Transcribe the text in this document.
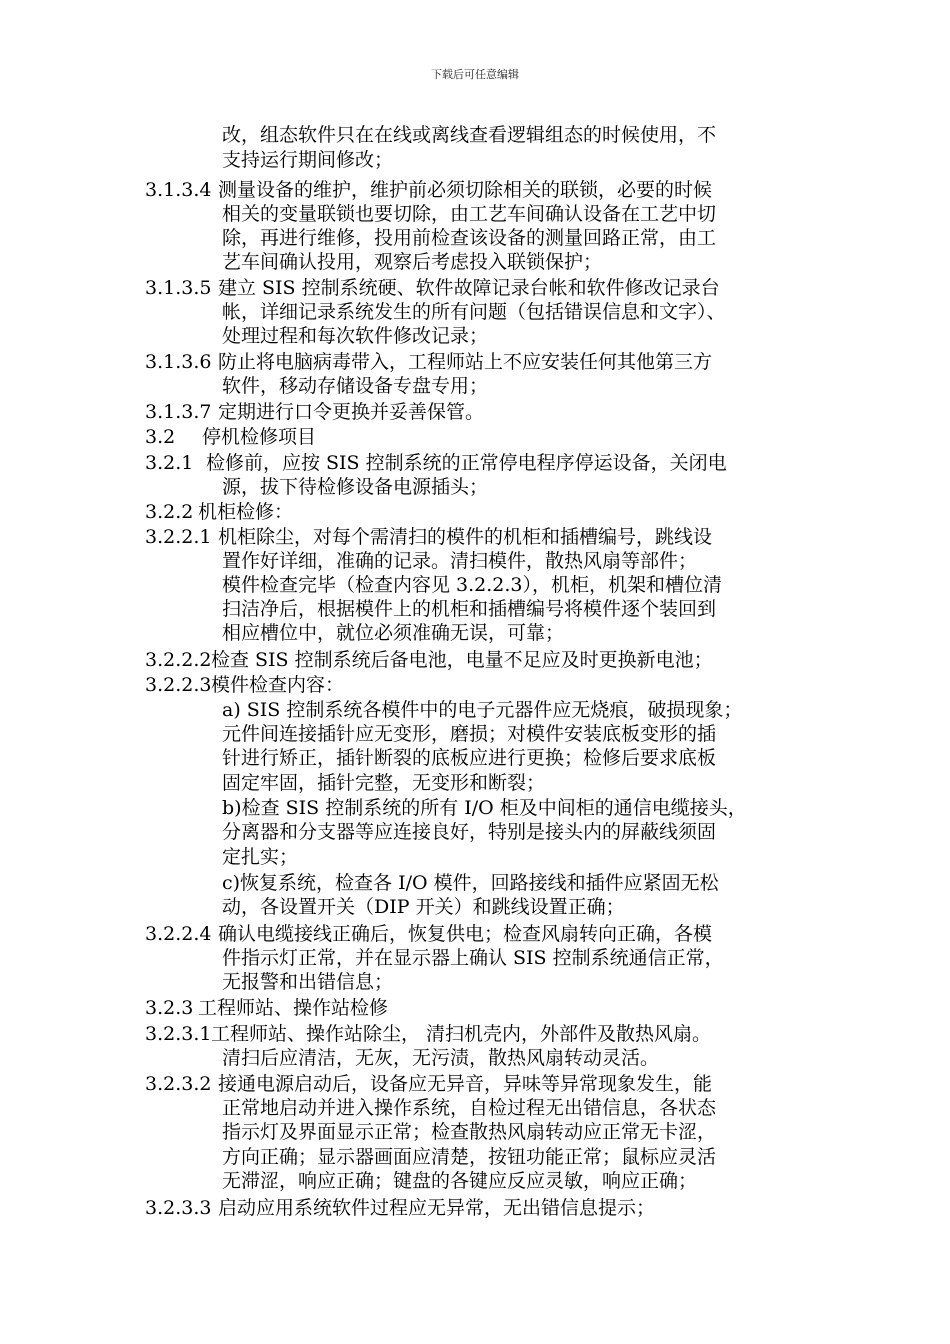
下载后可任意编辑
改，组态软件只在在线或离线查看逻辑组态的时候使用，不
支持运行期间修改；
3.1.3.4 测量设备的维护，维护前必须切除相关的联锁，必要的时候
相关的变量联锁也要切除，由工艺车间确认设备在工艺中切
除，再进行维修，投用前检查该设备的测量回路正常，由工
艺车间确认投用，观察后考虑投入联锁保护；
3.1.3.5 建立 SIS 控制系统硬、软件故障记录台帐和软件修改记录台
帐，详细记录系统发生的所有问题（包括错误信息和文字）、
处理过程和每次软件修改记录；
3.1.3.6 防止将电脑病毒带入，工程师站上不应安装任何其他第三方
软件，移动存储设备专盘专用；
3.1.3.7 定期进行口令更换并妥善保管。
3.2 停机检修项目
3.2.1 检修前，应按 SIS 控制系统的正常停电程序停运设备，关闭电
源，拔下待检修设备电源插头；
3.2.2 机柜检修：
3.2.2.1 机柜除尘，对每个需清扫的模件的机柜和插槽编号，跳线设
置作好详细，准确的记录。清扫模件，散热风扇等部件；
模件检查完毕（检查内容见 3.2.2.3），机柜，机架和槽位清
扫洁净后，根据模件上的机柜和插槽编号将模件逐个装回到
相应槽位中，就位必须准确无误，可靠；
3.2.2.2 检查 SIS 控制系统后备电池，电量不足应及时更换新电池；
3.2.2.3 模件检查内容：
a) SIS 控制系统各模件中的电子元器件应无烧痕，破损现象；
元件间连接插针应无变形，磨损；对模件安装底板变形的插
针进行矫正，插针断裂的底板应进行更换；检修后要求底板
固定牢固，插针完整，无变形和断裂；
b)检查 SIS 控制系统的所有 I/O 柜及中间柜的通信电缆接头，
分离器和分支器等应连接良好，特别是接头内的屏蔽线须固
定扎实；
c)恢复系统，检查各 I/O 模件，回路接线和插件应紧固无松
动，各设置开关（DIP 开关）和跳线设置正确；
3.2.2.4 确认电缆接线正确后，恢复供电；检查风扇转向正确，各模
件指示灯正常，并在显示器上确认 SIS 控制系统通信正常，
无报警和出错信息；
3.2.3 工程师站、操作站检修
3.2.3.1 工程师站、操作站除尘， 清扫机壳内，外部件及散热风扇。
清扫后应清洁，无灰，无污渍，散热风扇转动灵活。
3.2.3.2 接通电源启动后，设备应无异音，异味等异常现象发生，能
正常地启动并进入操作系统，自检过程无出错信息，各状态
指示灯及界面显示正常；检查散热风扇转动应正常无卡涩，
方向正确；显示器画面应清楚，按钮功能正常；鼠标应灵活
无滞涩，响应正确；键盘的各键应反应灵敏，响应正确；
3.2.3.3 启动应用系统软件过程应无异常，无出错信息提示；
